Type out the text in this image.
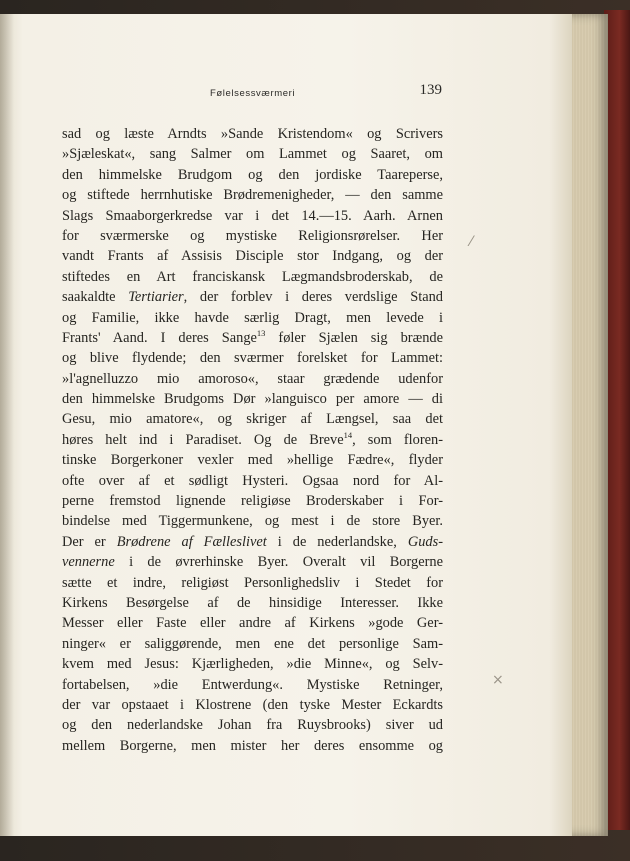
Følelsessværmeri	139
sad og læste Arndts »Sande Kristendom« og Scrivers
»Sjæleskat«, sang Salmer om Lammet og Saaret, om
den himmelske Brudgom og den jordiske Taareperse,
og stiftede herrnhutiske Brødremenigheder, — den samme
Slags Smaaborgerkredse var i det 14.—15. Aarh. Arnen
for sværmerske og mystiske Religionsrørelser. Her
vandt Frants af Assisis Disciple stor Indgang, og der
stiftedes en Art franciskansk Lægmandsbroderskab, de
saakaldte Tertiarier, der forblev i deres verdslige Stand
og Familie, ikke havde særlig Dragt, men levede i
Frants' Aand. I deres Sange$^{13}$ føler Sjælen sig brænde
og blive flydende; den sværmer forelsket for Lammet:
»l'agnelluzzo mio amoroso«, staar grædende udenfor
den himmelske Brudgoms Dør »languisco per amore — di
Gesu, mio amatore«, og skriger af Længsel, saa det
høres helt ind i Paradiset. Og de Breve$^{14}$, som floren-
tinske Borgerkoner vexler med »hellige Fædre«, flyder
ofte over af et sødligt Hysteri. Ogsaa nord for Al-
perne fremstod lignende religiøse Broderskaber i For-
bindelse med Tiggermunkene, og mest i de store Byer.
Der er Brødrene af Fælleslivet i de nederlandske, Guds-
vennerne i de øvrerhinske Byer. Overalt vil Borgerne
sætte et indre, religiøst Personlighedsliv i Stedet for
Kirkens Besørgelse af de hinsidige Interesser. Ikke
Messer eller Faste eller andre af Kirkens »gode Ger-
ninger« er saliggørende, men ene det personlige Sam-
kvem med Jesus: Kjærligheden, »die Minne«, og Selv-
fortabelsen, »die Entwerdung«. Mystiske Retninger,
der var opstaaet i Klostrene (den tyske Mester Eckardts
og den nederlandske Johan fra Ruysbrooks) siver ud
mellem Borgerne, men mister her deres ensomme og
⁄
×
